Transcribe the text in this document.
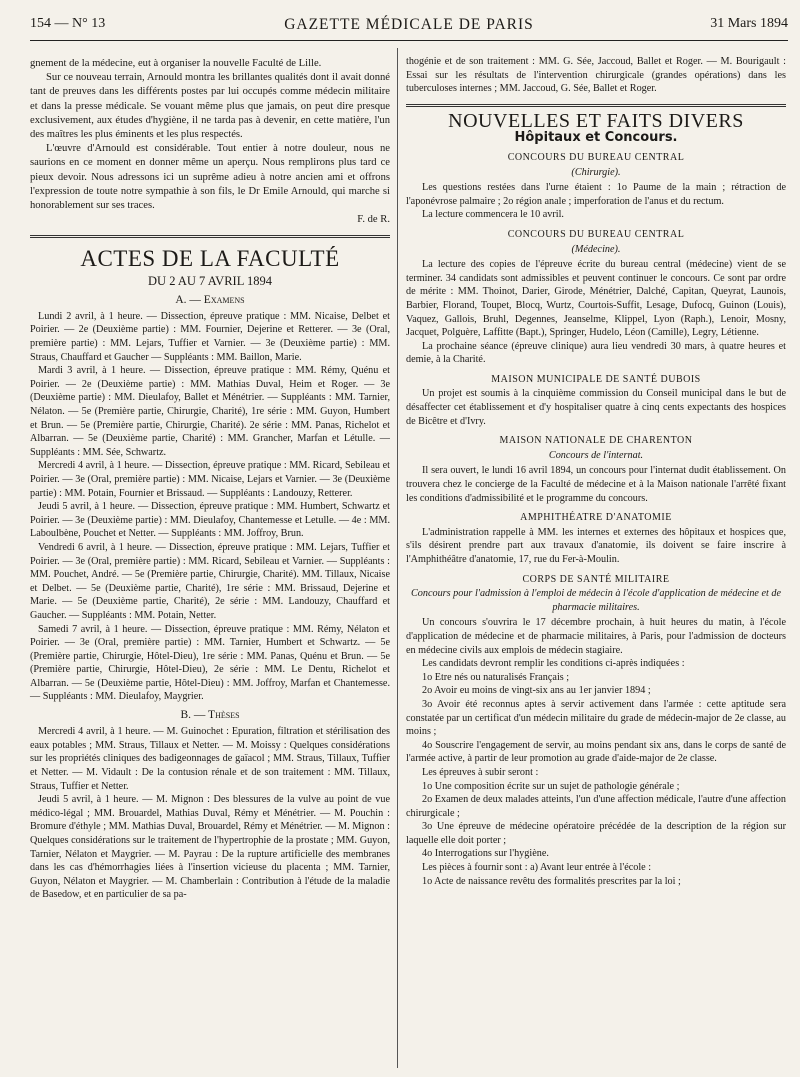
154 — N° 13	GAZETTE MÉDICALE DE PARIS	31 Mars 1894

gnement de la médecine, eut à organiser la nouvelle Faculté de Lille.

Sur ce nouveau terrain, Arnould montra les brillantes qualités dont il avait donné tant de preuves dans les différents postes par lui occupés comme médecin militaire et dans la presse médicale. Se vouant même plus que jamais, on peut dire presque exclusivement, aux études d'hygiène, il ne tarda pas à devenir, en cette matière, l'un des maîtres les plus éminents et les plus respectés.

L'œuvre d'Arnould est considérable. Tout entier à notre douleur, nous ne saurions en ce moment en donner même un aperçu. Nous remplirons plus tard ce pieux devoir. Nous adressons ici un suprême adieu à notre ancien ami et offrons l'expression de toute notre sympathie à son fils, le Dr Emile Arnould, qui marche si honorablement sur ses traces.

F. de R.

ACTES DE LA FACULTÉ
DU 2 AU 7 AVRIL 1894
A. — Examens

Lundi 2 avril, à 1 heure. — Dissection, épreuve pratique : MM. Nicaise, Delbet et Poirier. — 2e (Deuxième partie) : MM. Fournier, Dejerine et Retterer. — 3e (Oral, première partie) : MM. Lejars, Tuffier et Varnier. — 3e (Deuxième partie) : MM. Straus, Chauffard et Gaucher — Suppléants : MM. Baillon, Marie.

Mardi 3 avril, à 1 heure. — Dissection, épreuve pratique : MM. Rémy, Quénu et Poirier. — 2e (Deuxième partie) : MM. Mathias Duval, Heim et Roger. — 3e (Deuxième partie) : MM. Dieulafoy, Ballet et Ménétrier. — Suppléants : MM. Tarnier, Nélaton. — 5e (Première partie, Chirurgie, Charité), 1re série : MM. Guyon, Humbert et Brun. — 5e (Première partie, Chirurgie, Charité). 2e série : MM. Panas, Richelot et Albarran. — 5e (Deuxième partie, Charité) : MM. Grancher, Marfan et Létulle. — Suppléants : MM. Sée, Schwartz.

Mercredi 4 avril, à 1 heure. — Dissection, épreuve pratique : MM. Ricard, Sebileau et Poirier. — 3e (Oral, première partie) : MM. Nicaise, Lejars et Varnier. — 3e (Deuxième partie) : MM. Potain, Fournier et Brissaud. — Suppléants : Landouzy, Retterer.

Jeudi 5 avril, à 1 heure. — Dissection, épreuve pratique : MM. Humbert, Schwartz et Poirier. — 3e (Deuxième partie) : MM. Dieulafoy, Chantemesse et Letulle. — 4e : MM. Laboulbène, Pouchet et Netter. — Suppléants : MM. Joffroy, Brun.

Vendredi 6 avril, à 1 heure. — Dissection, épreuve pratique : MM. Lejars, Tuffier et Poirier. — 3e (Oral, première partie) : MM. Ricard, Sebileau et Varnier. — Suppléants : MM. Pouchet, André. — 5e (Première partie, Chirurgie, Charité). MM. Tillaux, Nicaise et Delbet. — 5e (Deuxième partie, Charité), 1re série : MM. Brissaud, Dejerine et Marie. — 5e (Deuxième partie, Charité), 2e série : MM. Landouzy, Chauffard et Gaucher. — Suppléants : MM. Potain, Netter.

Samedi 7 avril, à 1 heure. — Dissection, épreuve pratique : MM. Rémy, Nélaton et Poirier. — 3e (Oral, première partie) : MM. Tarnier, Humbert et Schwartz. — 5e (Première partie, Chirurgie, Hôtel-Dieu), 1re série : MM. Panas, Quénu et Brun. — 5e (Première partie, Chirurgie, Hôtel-Dieu), 2e série : MM. Le Dentu, Richelot et Albarran. — 5e (Deuxième partie, Hôtel-Dieu) : MM. Joffroy, Marfan et Chantemesse. — Suppléants : MM. Dieulafoy, Maygrier.

B. — Thèses

Mercredi 4 avril, à 1 heure. — M. Guinochet : Epuration, filtration et stérilisation des eaux potables ; MM. Straus, Tillaux et Netter. — M. Moissy : Quelques considérations sur les propriétés cliniques des badigeonnages de gaïacol ; MM. Straus, Tillaux, Tuffier et Netter. — M. Vidault : De la contusion rénale et de son traitement : MM. Tillaux, Straus, Tuffier et Netter.

Jeudi 5 avril, à 1 heure. — M. Mignon : Des blessures de la vulve au point de vue médico-légal ; MM. Brouardel, Mathias Duval, Rémy et Ménétrier. — M. Pouchin : Bromure d'éthyle ; MM. Mathias Duval, Brouardel, Rémy et Ménétrier. — M. Mignon : Quelques considérations sur le traitement de l'hypertrophie de la prostate ; MM. Guyon, Tarnier, Nélaton et Maygrier. — M. Payrau : De la rupture artificielle des membranes dans les cas d'hémorrhagies liées à l'insertion vicieuse du placenta ; MM. Tarnier, Guyon, Nélaton et Maygrier. — M. Chamberlain : Contribution à l'étude de la maladie de Basedow, et en particulier de sa pa-

thogénie et de son traitement : MM. G. Sée, Jaccoud, Ballet et Roger. — M. Bourigault : Essai sur les résultats de l'intervention chirurgicale (grandes opérations) dans les tuberculoses internes ; MM. Jaccoud, G. Sée, Ballet et Roger.

NOUVELLES ET FAITS DIVERS
Hôpitaux et Concours.
CONCOURS DU BUREAU CENTRAL
(Chirurgie).

Les questions restées dans l'urne étaient : 1o Paume de la main ; rétraction de l'aponévrose palmaire ; 2o région anale ; imperforation de l'anus et du rectum.

La lecture commencera le 10 avril.

CONCOURS DU BUREAU CENTRAL
(Médecine).

La lecture des copies de l'épreuve écrite du bureau central (médecine) vient de se terminer. 34 candidats sont admissibles et peuvent continuer le concours. Ce sont par ordre de mérite : MM. Thoinot, Darier, Girode, Ménétrier, Dalché, Capitan, Queyrat, Launois, Barbier, Florand, Toupet, Blocq, Wurtz, Courtois-Suffit, Lesage, Dufocq, Guinon (Louis), Vaquez, Gallois, Bruhl, Degennes, Jeanselme, Klippel, Lyon (Raph.), Lenoir, Mosny, Jacquet, Polguère, Laffitte (Bapt.), Springer, Hudelo, Léon (Camille), Legry, Létienne.

La prochaine séance (épreuve clinique) aura lieu vendredi 30 mars, à quatre heures et demie, à la Charité.

MAISON MUNICIPALE DE SANTÉ DUBOIS

Un projet est soumis à la cinquième commission du Conseil municipal dans le but de désaffecter cet établissement et d'y hospitaliser quatre à cinq cents expectants des hospices de Bicêtre et d'Ivry.

MAISON NATIONALE DE CHARENTON
Concours de l'internat.

Il sera ouvert, le lundi 16 avril 1894, un concours pour l'internat dudit établissement. On trouvera chez le concierge de la Faculté de médecine et à la Maison nationale l'arrêté fixant les conditions d'admissibilité et le programme du concours.

AMPHITHÉATRE D'ANATOMIE

L'administration rappelle à MM. les internes et externes des hôpitaux et hospices que, s'ils désirent prendre part aux travaux d'anatomie, ils doivent se faire inscrire à l'Amphithéâtre d'anatomie, 17, rue du Fer-à-Moulin.

CORPS DE SANTÉ MILITAIRE
Concours pour l'admission à l'emploi de médecin à l'école d'application de médecine et de pharmacie militaires.

Un concours s'ouvrira le 17 décembre prochain, à huit heures du matin, à l'école d'application de médecine et de pharmacie militaires, à Paris, pour l'admission de docteurs en médecine civils aux emplois de médecin stagiaire.

Les candidats devront remplir les conditions ci-après indiquées :

1o Etre nés ou naturalisés Français ;

2o Avoir eu moins de vingt-six ans au 1er janvier 1894 ;

3o Avoir été reconnus aptes à servir activement dans l'armée : cette aptitude sera constatée par un certificat d'un médecin militaire du grade de médecin-major de 2e classe, au moins ;

4o Souscrire l'engagement de servir, au moins pendant six ans, dans le corps de santé de l'armée active, à partir de leur promotion au grade d'aide-major de 2e classe.

Les épreuves à subir seront :

1o Une composition écrite sur un sujet de pathologie générale ;

2o Examen de deux malades atteints, l'un d'une affection médicale, l'autre d'une affection chirurgicale ;

3o Une épreuve de médecine opératoire précédée de la description de la région sur laquelle elle doit porter ;

4o Interrogations sur l'hygiène.

Les pièces à fournir sont : a) Avant leur entrée à l'école :

1o Acte de naissance revêtu des formalités prescrites par la loi ;
